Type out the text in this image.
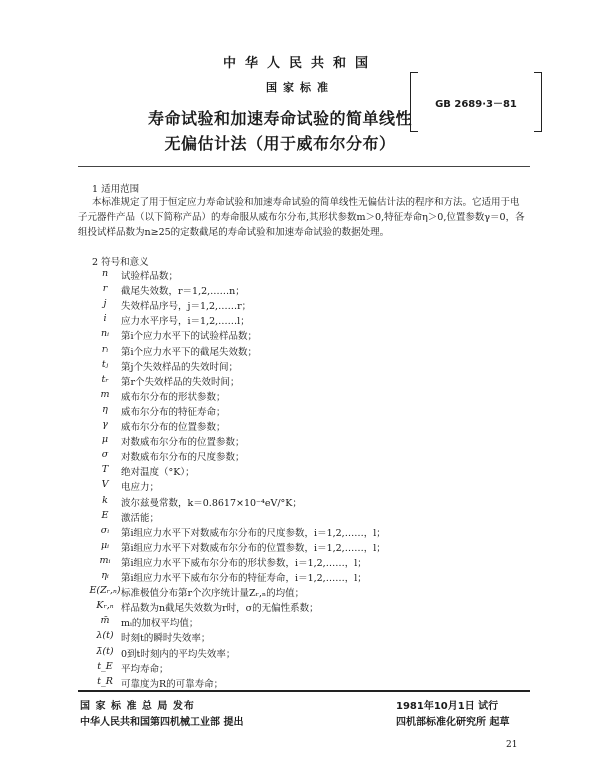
中华人民共和国
国家标准
寿命试验和加速寿命试验的简单线性
无偏估计法（用于威布尔分布）
GB 2689·3－81
1 适用范围
本标准规定了用于恒定应力寿命试验和加速寿命试验的简单线性无偏估计法的程序和方法。它适用于电子元器件产品（以下简称产品）的寿命服从威布尔分布,其形状参数m＞0,特征寿命η＞0,位置参数γ＝0，各组投试样品数为n≥25的定数截尾的寿命试验和加速寿命试验的数据处理。
2 符号和意义
n	试验样品数；
r	截尾失效数，r＝1,2,……n；
j	失效样品序号，j＝1,2,……r；
i	应力水平序号，i＝1,2,……l；
nᵢ	第i个应力水平下的试验样品数；
rᵢ	第i个应力水平下的截尾失效数；
tⱼ	第j个失效样品的失效时间；
tᵣ	第r个失效样品的失效时间；
m	威布尔分布的形状参数；
η	威布尔分布的特征寿命；
γ	威布尔分布的位置参数；
μ	对数威布尔分布的位置参数；
σ	对数威布尔分布的尺度参数；
T	绝对温度（°K）；
V	电应力；
k	波尔兹曼常数，k＝0.8617×10⁻⁴eV/°K；
E	激活能；
σᵢ	第i组应力水平下对数威布尔分布的尺度参数，i＝1,2,……，l；
μᵢ	第i组应力水平下对数威布尔分布的位置参数，i＝1,2,……，l；
mᵢ	第i组应力水平下威布尔分布的形状参数，i＝1,2,……，l；
ηᵢ	第i组应力水平下威布尔分布的特征寿命，i＝1,2,……，l；
E(Zᵣ,ₙ) 标准极值分布第r个次序统计量Zᵣ,ₙ的均值；
Kᵣ,ₙ 样品数为n截尾失效数为r时，σ的无偏性系数；
m̄	mᵢ的加权平均值；
λ(t) 时刻t的瞬时失效率；
λ̄(t) 0到t时刻内的平均失效率；
t_E 平均寿命；
t_R 可靠度为R的可靠寿命；
国 家 标 准 总 局 发布
中华人民共和国第四机械工业部 提出
1981年10月1日 试行
四机部标准化研究所 起草
21
